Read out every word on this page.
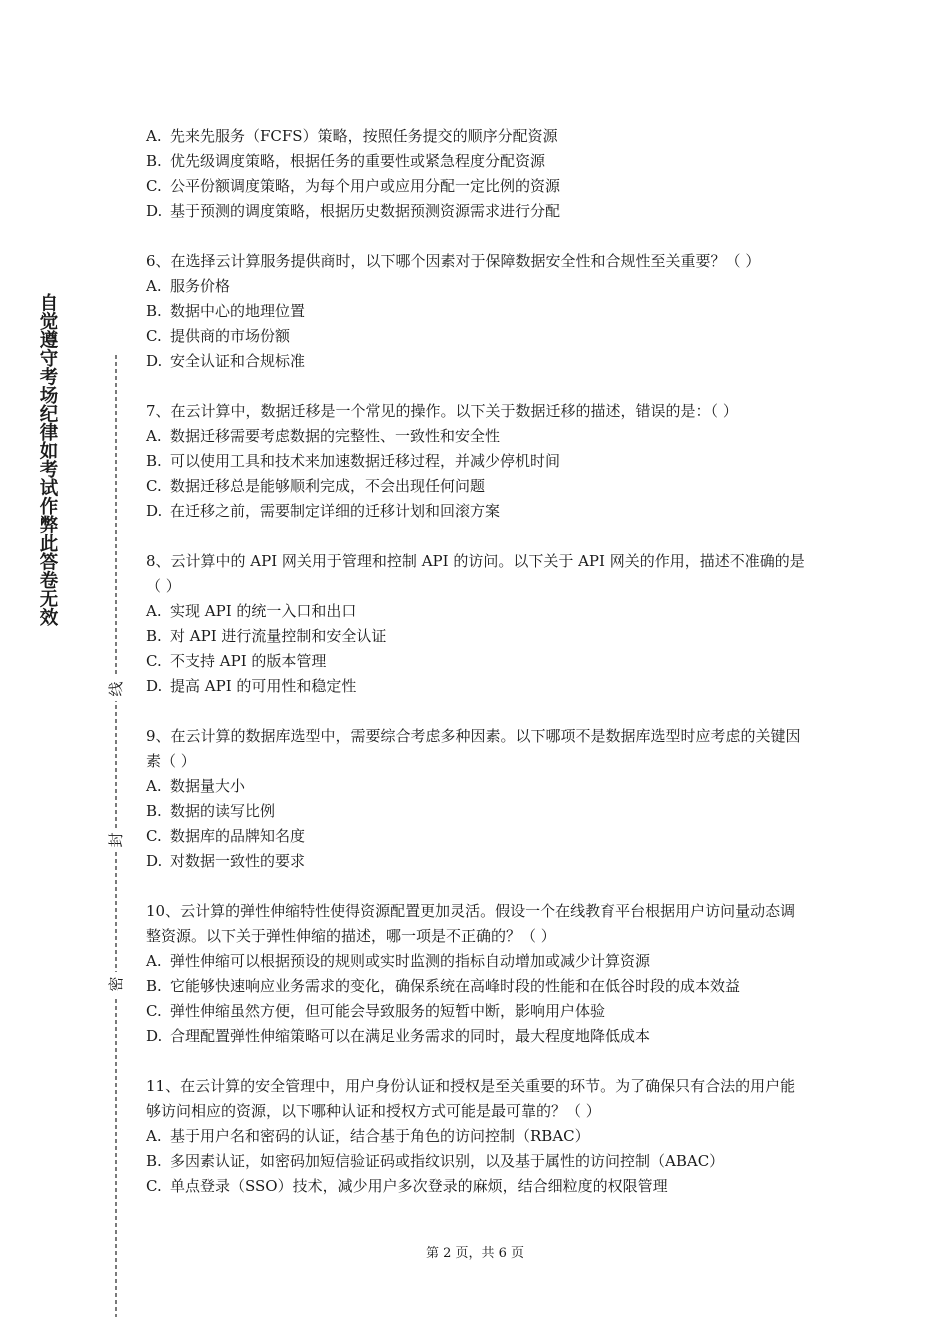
自觉遵守考场纪律如考试作弊此答卷无效
线
封
密
A. 先来先服务（FCFS）策略，按照任务提交的顺序分配资源
B. 优先级调度策略，根据任务的重要性或紧急程度分配资源
C. 公平份额调度策略，为每个用户或应用分配一定比例的资源
D. 基于预测的调度策略，根据历史数据预测资源需求进行分配
6、在选择云计算服务提供商时，以下哪个因素对于保障数据安全性和合规性至关重要？（ ）
A. 服务价格
B. 数据中心的地理位置
C. 提供商的市场份额
D. 安全认证和合规标准
7、在云计算中，数据迁移是一个常见的操作。以下关于数据迁移的描述，错误的是：（ ）
A. 数据迁移需要考虑数据的完整性、一致性和安全性
B. 可以使用工具和技术来加速数据迁移过程，并减少停机时间
C. 数据迁移总是能够顺利完成，不会出现任何问题
D. 在迁移之前，需要制定详细的迁移计划和回滚方案
8、云计算中的 API 网关用于管理和控制 API 的访问。以下关于 API 网关的作用，描述不准确的是（ ）
A. 实现 API 的统一入口和出口
B. 对 API 进行流量控制和安全认证
C. 不支持 API 的版本管理
D. 提高 API 的可用性和稳定性
9、在云计算的数据库选型中，需要综合考虑多种因素。以下哪项不是数据库选型时应考虑的关键因素（ ）
A. 数据量大小
B. 数据的读写比例
C. 数据库的品牌知名度
D. 对数据一致性的要求
10、云计算的弹性伸缩特性使得资源配置更加灵活。假设一个在线教育平台根据用户访问量动态调整资源。以下关于弹性伸缩的描述，哪一项是不正确的？（ ）
A. 弹性伸缩可以根据预设的规则或实时监测的指标自动增加或减少计算资源
B. 它能够快速响应业务需求的变化，确保系统在高峰时段的性能和在低谷时段的成本效益
C. 弹性伸缩虽然方便，但可能会导致服务的短暂中断，影响用户体验
D. 合理配置弹性伸缩策略可以在满足业务需求的同时，最大程度地降低成本
11、在云计算的安全管理中，用户身份认证和授权是至关重要的环节。为了确保只有合法的用户能够访问相应的资源，以下哪种认证和授权方式可能是最可靠的？（ ）
A. 基于用户名和密码的认证，结合基于角色的访问控制（RBAC）
B. 多因素认证，如密码加短信验证码或指纹识别，以及基于属性的访问控制（ABAC）
C. 单点登录（SSO）技术，减少用户多次登录的麻烦，结合细粒度的权限管理
第 2 页，共 6 页
